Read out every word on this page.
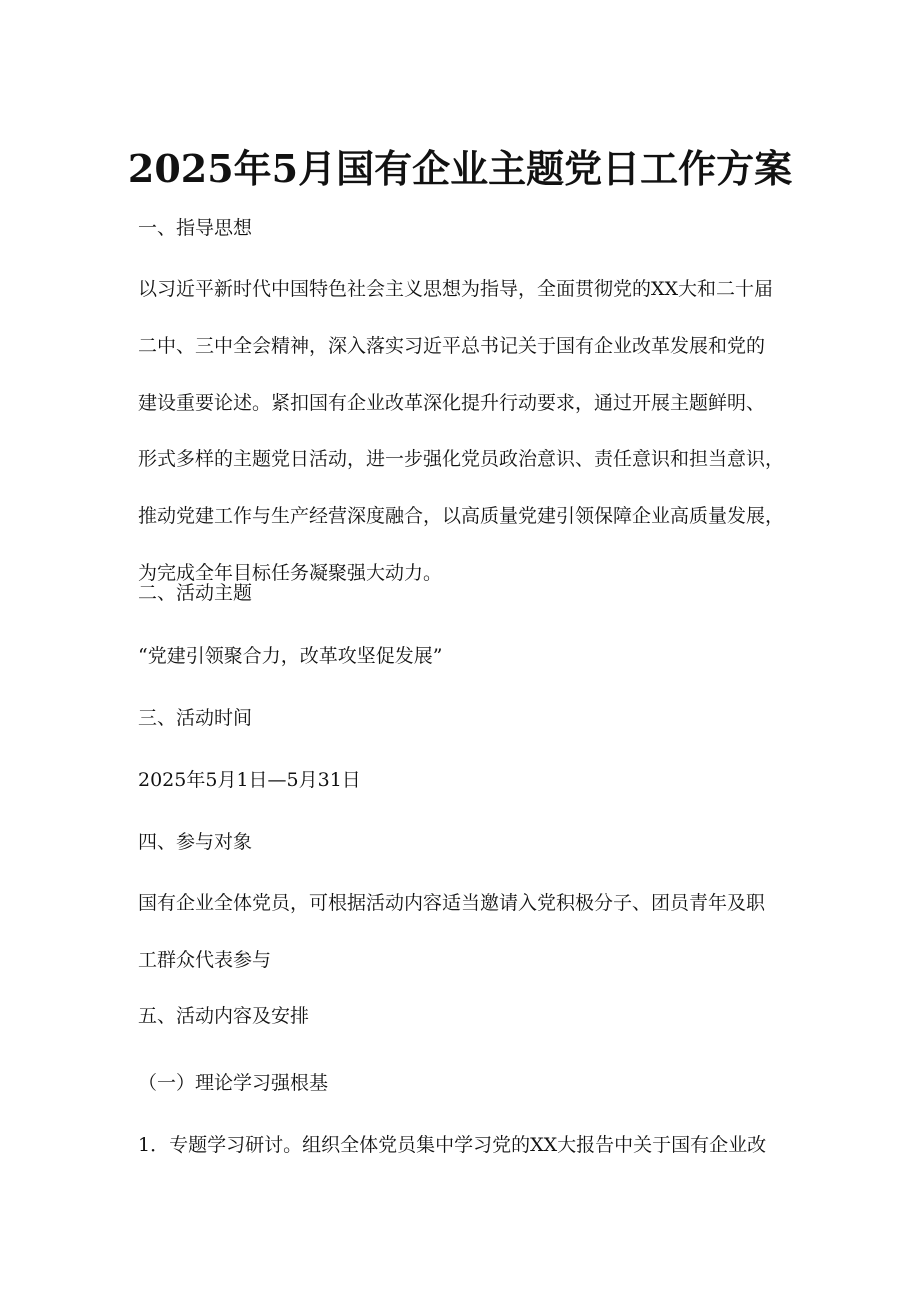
2025年5月国有企业主题党日工作方案

一、指导思想

以习近平新时代中国特色社会主义思想为指导，全面贯彻党的XX大和二十届
二中、三中全会精神，深入落实习近平总书记关于国有企业改革发展和党的
建设重要论述。紧扣国有企业改革深化提升行动要求，通过开展主题鲜明、
形式多样的主题党日活动，进一步强化党员政治意识、责任意识和担当意识，
推动党建工作与生产经营深度融合，以高质量党建引领保障企业高质量发展，
为完成全年目标任务凝聚强大动力。

二、活动主题

“党建引领聚合力，改革攻坚促发展”

三、活动时间

2025年5月1日—5月31日

四、参与对象

国有企业全体党员，可根据活动内容适当邀请入党积极分子、团员青年及职
工群众代表参与

五、活动内容及安排

（一）理论学习强根基

1．专题学习研讨。组织全体党员集中学习党的XX大报告中关于国有企业改
